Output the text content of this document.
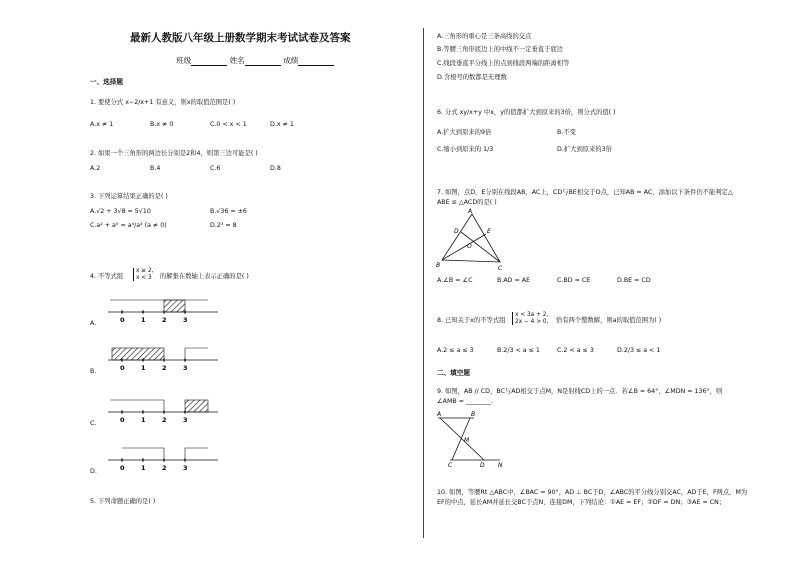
最新人教版八年级上册数学期末考试试卷及答案
班级	姓名	成绩
一、选择题
1. 要使分式 x−2/x+1 有意义，则x的取值范围是( )
A.x ≠ 1	B.x ≠ 0	C.0 < x < 1	D.x ≠ 1
2. 如果一个三角形的两边长分别是2和4，则第三边可能是( )
A.2	B.4	C.6	D.8
3. 下列运算结果正确的是( )
A.√2 + 3√8 = 5√10	B.√36 = ±6
C.a² + a⁰ = a⁴/a⁴ (a ≠ 0)	D.2³ = 8
4. 不等式组
x ≥ 2,
x < 3 的解集在数轴上表示正确的是( )
A.
B.
C.
D.
0	1	2	3
0	1	2	3
0	1	2	3
0	1	2	3
5. 下列命题正确的是( )
A.三角形的重心是三条高线的交点
B.等腰三角形底边上的中线不一定垂直于底边
C.线段垂直平分线上的点到线段两端的距离相等
D.含根号的数都是无理数
6. 分式 xy/x+y 中x，y的值都扩大到原来的3倍，则分式的值( )
A.扩大到原来的9倍	B.不变
C.缩小到原来的 1/3	D.扩大到原来的3倍
7. 如图，点D，E分别在线段AB，AC上，CD与BE相交于O点，已知AB = AC，添加以下条件仍不能判定△
ABE ≌ △ACD的是( )
A
D	E
O
B	C
A.∠B = ∠C	B.AD = AE	C.BD = CE	D.BE = CD
8. 已知关于x的不等式组
x < 3a + 2,
2x − 4 > 0, 恰有两个整数解，则a的取值范围为( )
A.2 ≤ a ≤ 3	B.2/3 < a ≤ 1	C.2 < a ≤ 3	D.2/3 ≤ a < 1
二、填空题
9. 如图，AB // CD，BC与AD相交于点M，N是射线CD上的一点．若∠B = 64°，∠MDN = 136°，则
∠AMB = ________.
A	B
M
C	D N
10. 如图，等腰Rt △ABC中，∠BAC = 90°，AD ⊥ BC于D，∠ABC的平分线分别交AC，AD于E，F两点，M为
EF的中点，延长AM并延长交BC于点N，连接DM，下列结论：①AE = EF；②DF = DN；③AE = CN；
